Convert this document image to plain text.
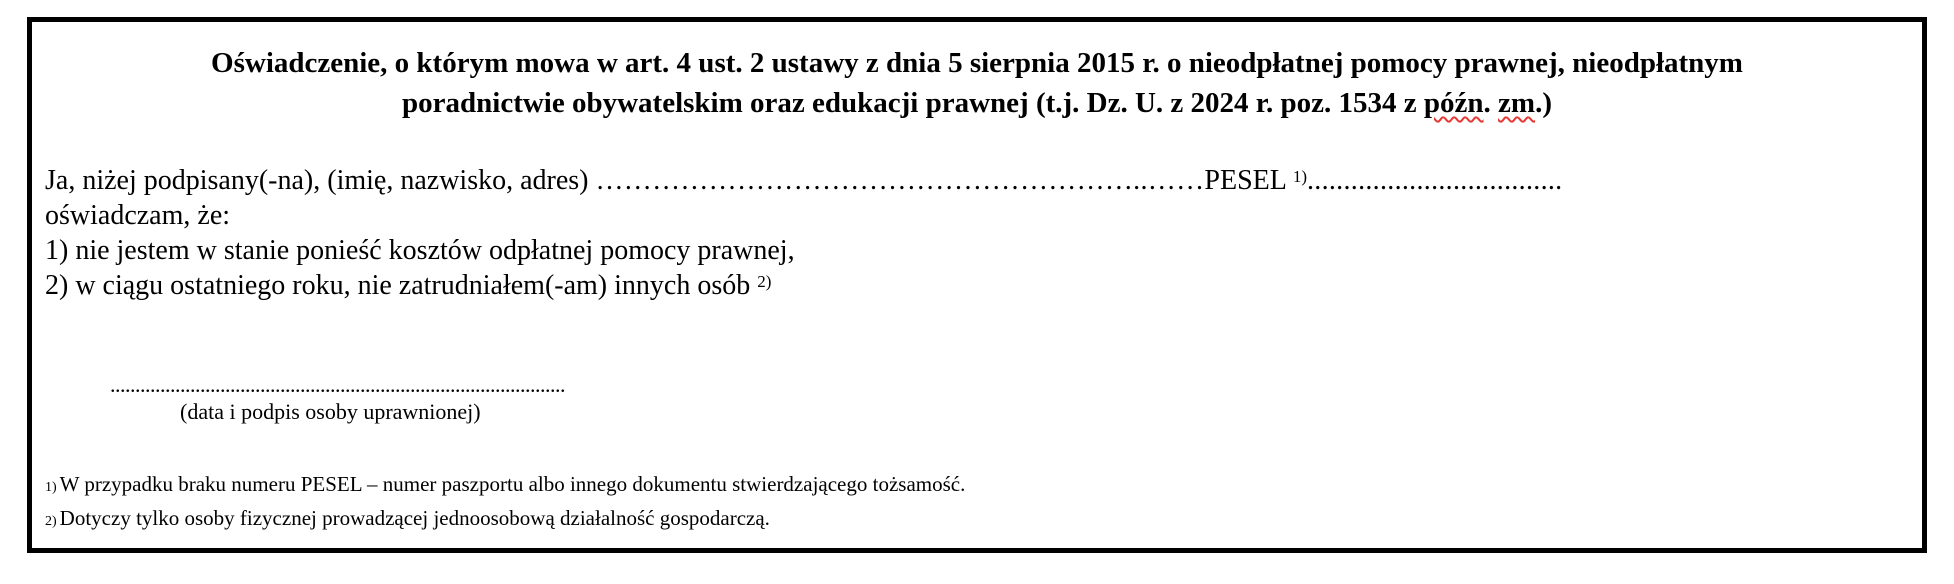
Oświadczenie, o którym mowa w art. 4 ust. 2 ustawy z dnia 5 sierpnia 2015 r. o nieodpłatnej pomocy prawnej, nieodpłatnym
poradnictwie obywatelskim oraz edukacji prawnej (t.j. Dz. U. z 2024 r. poz. 1534 z późn. zm.)
Ja, niżej podpisany(-na), (imię, nazwisko, adres) …………………………………………………..……PESEL $^{1)}$...................................
oświadczam, że:
1) nie jestem w stanie ponieść kosztów odpłatnej pomocy prawnej,
2) w ciągu ostatniego roku, nie zatrudniałem(-am) innych osób $^{2)}$
...........................................................................................
(data i podpis osoby uprawnionej)
1) W przypadku braku numeru PESEL – numer paszportu albo innego dokumentu stwierdzającego tożsamość.
2) Dotyczy tylko osoby fizycznej prowadzącej jednoosobową działalność gospodarczą.
